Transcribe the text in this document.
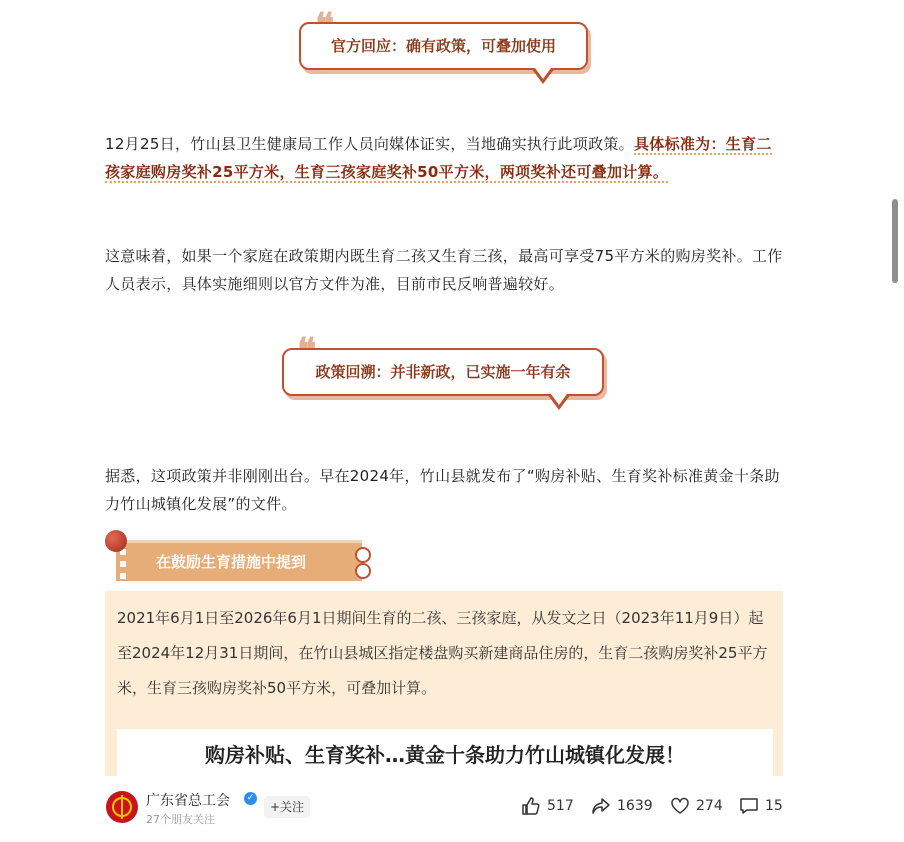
官方回应：确有政策，可叠加使用
12月25日，竹山县卫生健康局工作人员向媒体证实，当地确实执行此项政策。具体标准为：生育二孩家庭购房奖补25平方米，生育三孩家庭奖补50平方米，两项奖补还可叠加计算。
这意味着，如果一个家庭在政策期内既生育二孩又生育三孩，最高可享受75平方米的购房奖补。工作人员表示，具体实施细则以官方文件为准，目前市民反响普遍较好。
政策回溯：并非新政，已实施一年有余
据悉，这项政策并非刚刚出台。早在2024年，竹山县就发布了“购房补贴、生育奖补标准黄金十条助力竹山城镇化发展”的文件。
在鼓励生育措施中提到
2021年6月1日至2026年6月1日期间生育的二孩、三孩家庭，从发文之日（2023年11月9日）起至2024年12月31日期间，在竹山县城区指定楼盘购买新建商品住房的，生育二孩购房奖补25平方米，生育三孩购房奖补50平方米，可叠加计算。
购房补贴、生育奖补…黄金十条助力竹山城镇化发展！
广东省总工会	✓
27个朋友关注
+关注	517	1639	274	15
